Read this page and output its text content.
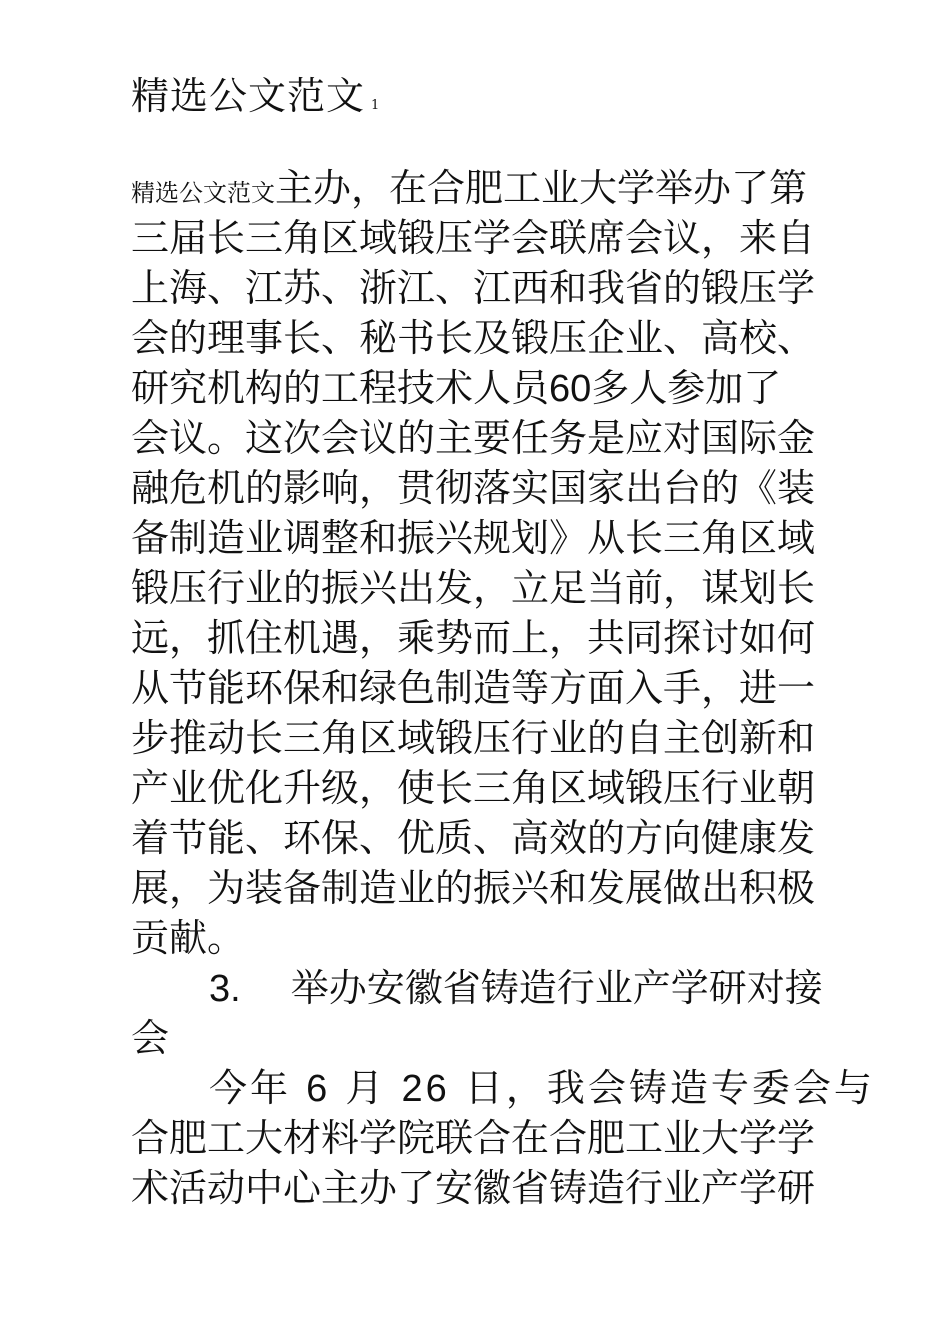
精选公文范文 1
精选公文范文主办，在合肥工业大学举办了第
三届长三角区域锻压学会联席会议，来自
上海、江苏、浙江、江西和我省的锻压学
会的理事长、秘书长及锻压企业、高校、
研究机构的工程技术人员60多人参加了
会议。这次会议的主要任务是应对国际金
融危机的影响，贯彻落实国家出台的《装
备制造业调整和振兴规划》从长三角区域
锻压行业的振兴出发，立足当前，谋划长
远，抓住机遇，乘势而上，共同探讨如何
从节能环保和绿色制造等方面入手，进一
步推动长三角区域锻压行业的自主创新和
产业优化升级，使长三角区域锻压行业朝
着节能、环保、优质、高效的方向健康发
展，为装备制造业的振兴和发展做出积极
贡献。
3. 举办安徽省铸造行业产学研对接
会
今年 6 月 26 日，我会铸造专委会与
合肥工大材料学院联合在合肥工业大学学
术活动中心主办了安徽省铸造行业产学研
